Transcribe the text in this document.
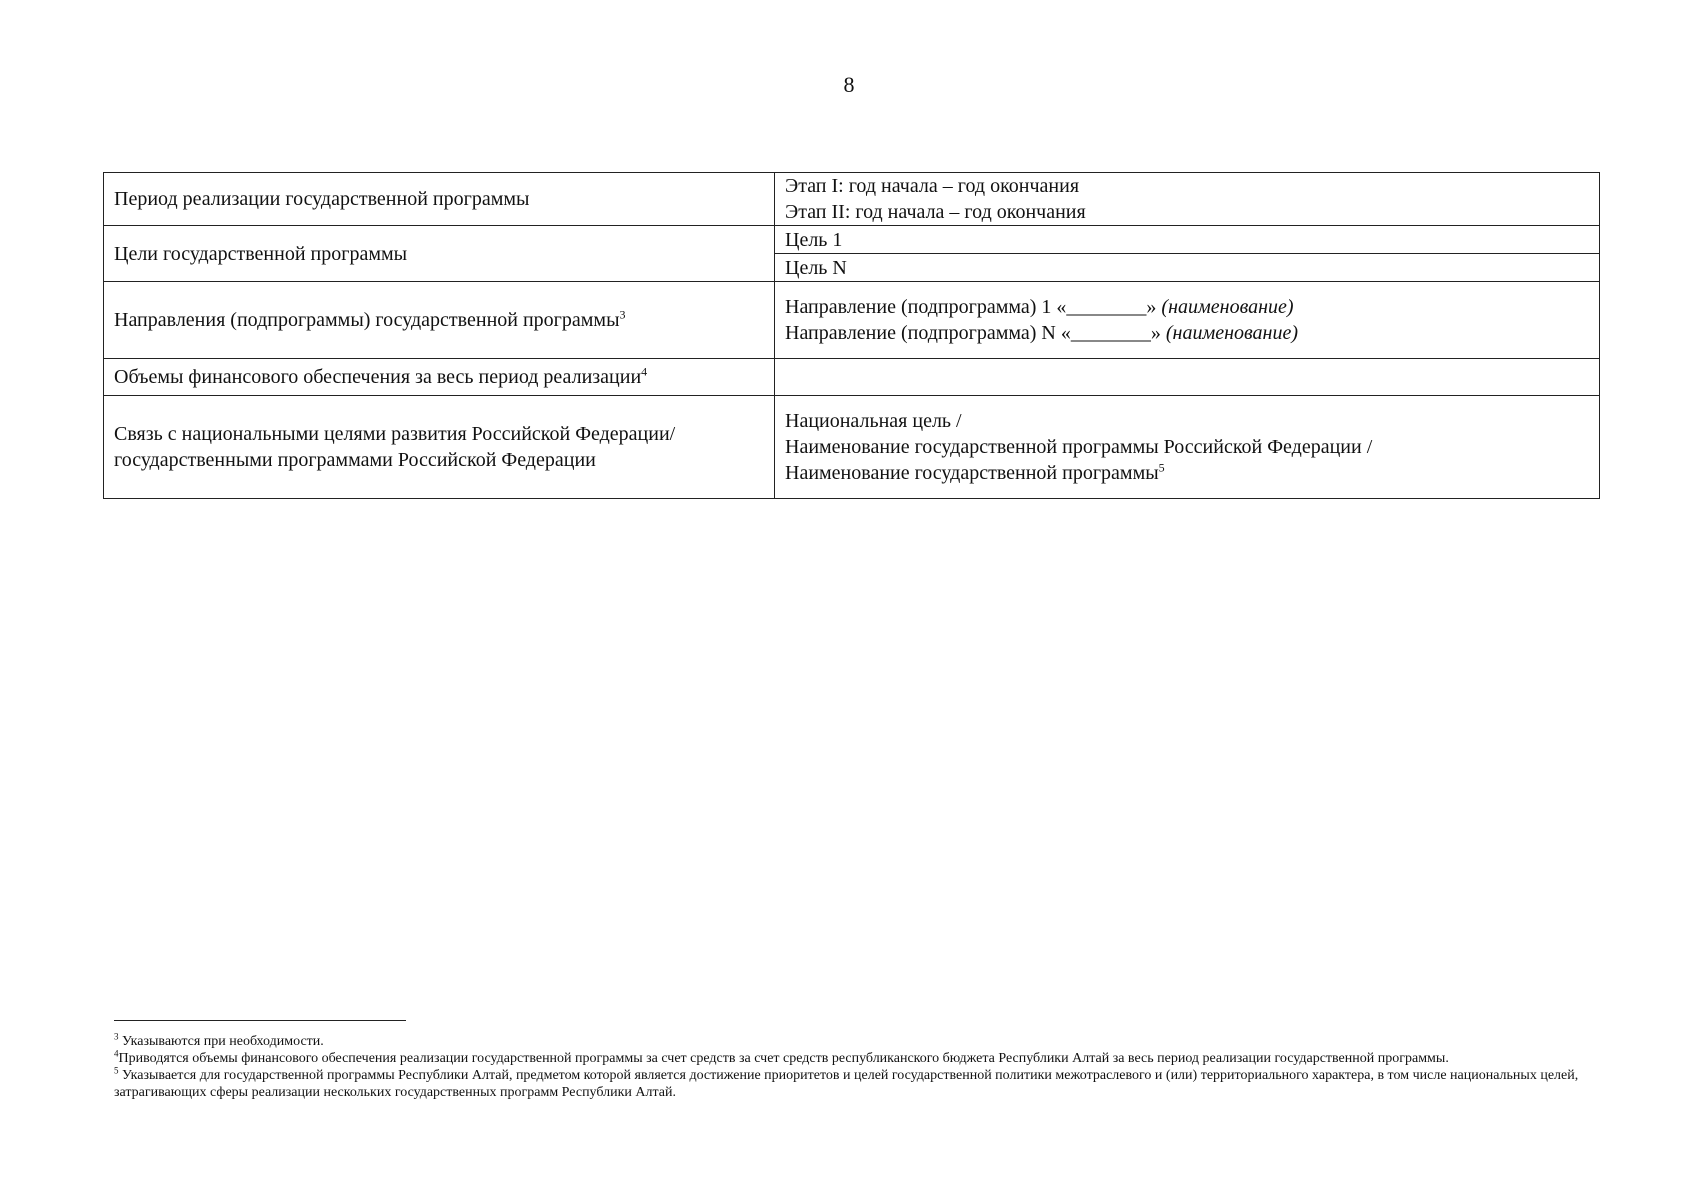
8
Период реализации государственной программы	Этап I: год начала – год окончания
Этап II: год начала – год окончания

Цели государственной программы	Цель 1
	Цель N
Направления (подпрограммы) государственной программы$^3$	Направление (подпрограмма) 1 «________» (наименование)
Направление (подпрограмма) N «________» (наименование)

Объемы финансового обеспечения за весь период реализации$^4$	

Связь с национальными целями развития Российской Федерации/
государственными программами Российской Федерации	Национальная цель /
Наименование государственной программы Российской Федерации /
Наименование государственной программы$^5$

$^3$ Указываются при необходимости.

$^4$Приводятся объемы финансового обеспечения реализации государственной программы за счет средств за счет средств республиканского бюджета Республики Алтай за весь период реализации государственной программы.

$^5$ Указывается для государственной программы Республики Алтай, предметом которой является достижение приоритетов и целей государственной политики межотраслевого и (или) территориального характера, в том числе национальных целей, затрагивающих сферы реализации нескольких государственных программ Республики Алтай.
